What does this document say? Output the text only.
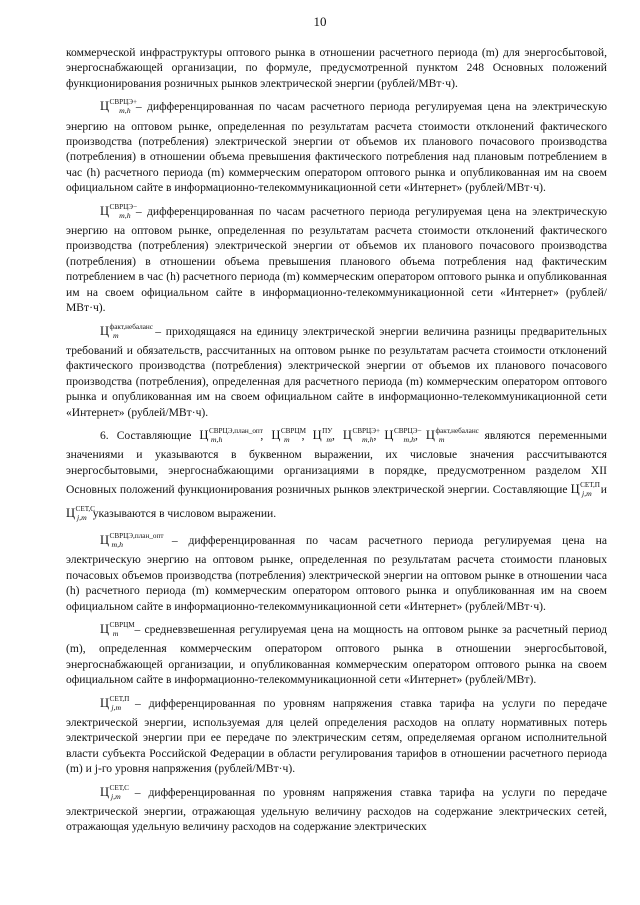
10

коммерческой инфраструктуры оптового рынка в отношении расчетного периода (m) для энергосбытовой, энергоснабжающей организации, по формуле, предусмотренной пунктом 248 Основных положений функционирования розничных рынков электрической энергии (рублей/МВт·ч).

$Ц^{СВРЦЭ+}_{m,h}$ – дифференцированная по часам расчетного периода регулируемая цена на электрическую энергию на оптовом рынке, определенная по результатам расчета стоимости отклонений фактического производства (потребления) электрической энергии от объемов их планового почасового производства (потребления) в отношении объема превышения фактического потребления над плановым потреблением в час (h) расчетного периода (m) коммерческим оператором оптового рынка и опубликованная им на своем официальном сайте в информационно-телекоммуникационной сети «Интернет» (рублей/МВт·ч).

$Ц^{СВРЦЭ-}_{m,h}$ – дифференцированная по часам расчетного периода регулируемая цена на электрическую энергию на оптовом рынке, определенная по результатам расчета стоимости отклонений фактического производства (потребления) электрической энергии от объемов их планового почасового производства (потребления) в отношении объема превышения планового объема потребления над фактическим потреблением в час (h) расчетного периода (m) коммерческим оператором оптового рынка и опубликованная им на своем официальном сайте в информационно-телекоммуникационной сети «Интернет» (рублей/МВт·ч).

$Ц^{факт,небаланс}_m$	– приходящаяся на единицу электрической энергии величина разницы предварительных требований и обязательств, рассчитанных на оптовом рынке по результатам расчета стоимости отклонений фактического производства (потребления) электрической энергии от объемов их планового почасового производства (потребления), определенная для расчетного периода (m) коммерческим оператором оптового рынка и опубликованная им на своем официальном сайте в информационно-телекоммуникационной сети «Интернет» (рублей/МВт·ч).

6. Составляющие $Ц^{СВРЦЭ,план\_опт}_{m,h}$	, $Ц^{СВРЦМ}_m$ , $Ц^{ПУ}_m$, $Ц^{СВРЦЭ+}_{m,h}$, $Ц^{СВРЦЭ-}_{m,h}$, $Ц^{факт,небаланс}_m$	являются переменными значениями и указываются в буквенном выражении, их числовые значения рассчитываются энергосбытовыми, энергоснабжающими организациями в порядке, предусмотренном разделом XII Основных положений функционирования розничных рынков электрической энергии. Составляющие $Ц^{СЕТ,П}_{j,m}$ и $Ц^{СЕТ,С}_{j,m}$ указываются в числовом выражении.

$Ц^{СВРЦЭ,план\_опт}_{m,h}$	– дифференцированная по часам расчетного периода регулируемая цена на электрическую энергию на оптовом рынке, определенная по результатам расчета стоимости плановых почасовых объемов производства (потребления) электрической энергии на оптовом рынке в отношении часа (h) расчетного периода (m) коммерческим оператором оптового рынка и опубликованная им на своем официальном сайте в информационно-телекоммуникационной сети «Интернет» (рублей/МВт·ч).

$Ц^{СВРЦМ}_m$ – средневзвешенная регулируемая цена на мощность на оптовом рынке за расчетный период (m), определенная коммерческим оператором оптового рынка в отношении энергосбытовой, энергоснабжающей организации, и опубликованная коммерческим оператором оптового рынка на своем официальном сайте в информационно-телекоммуникационной сети «Интернет» (рублей/МВт).

$Ц^{СЕТ,П}_{j,m}$ – дифференцированная по уровням напряжения ставка тарифа на услуги по передаче электрической энергии, используемая для целей определения расходов на оплату нормативных потерь электрической энергии при ее передаче по электрическим сетям, определяемая органом исполнительной власти субъекта Российской Федерации в области регулирования тарифов в отношении расчетного периода (m) и j-го уровня напряжения (рублей/МВт·ч).

$Ц^{СЕТ,С}_{j,m}$ – дифференцированная по уровням напряжения ставка тарифа на услуги по передаче электрической энергии, отражающая удельную величину расходов на содержание электрических сетей, отражающая удельную величину расходов на содержание электрических
